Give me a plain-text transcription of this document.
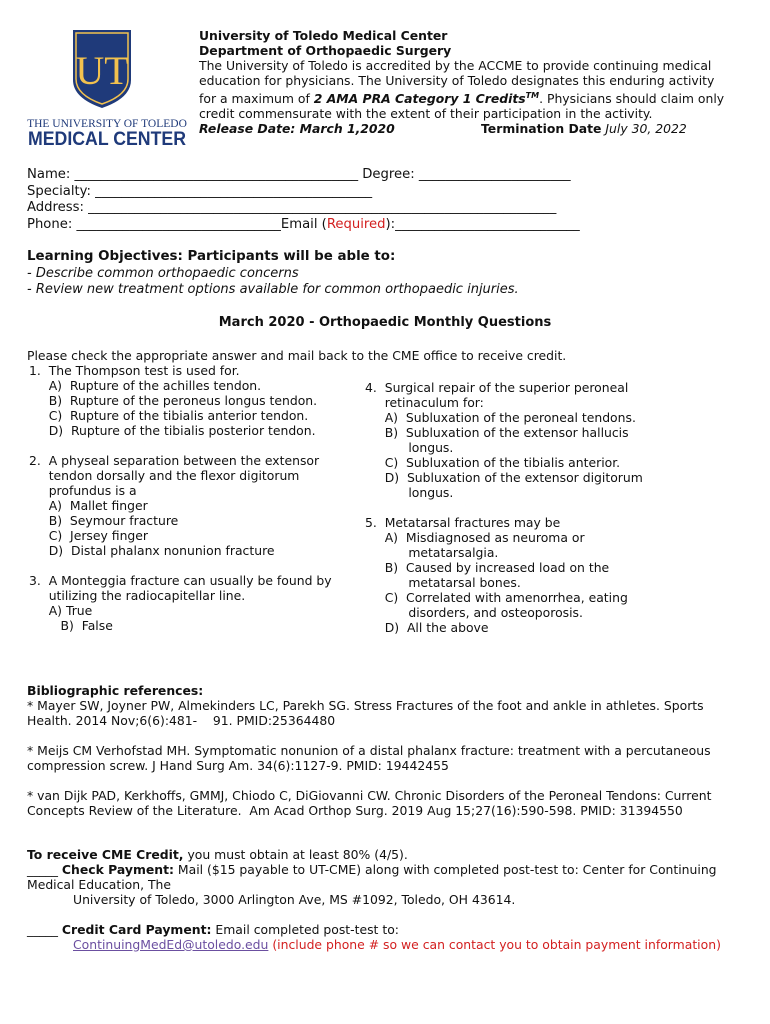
UT
THE UNIVERSITY OF TOLEDO
MEDICAL CENTER
University of Toledo Medical Center
Department of Orthopaedic Surgery
The University of Toledo is accredited by the ACCME to provide continuing medical
education for physicians. The University of Toledo designates this enduring activity
for a maximum of 2 AMA PRA Category 1 Credits™. Physicians should claim only
credit commensurate with the extent of their participation in the activity.
Release Date: March 1,2020	Termination Date July 30, 2022
Name: ___________________________________________ Degree: _______________________
Specialty: __________________________________________
Address: _______________________________________________________________________
Phone: _______________________________Email (Required):____________________________
Learning Objectives: Participants will be able to:
- Describe common orthopaedic concerns
- Review new treatment options available for common orthopaedic injuries.
March 2020 - Orthopaedic Monthly Questions
Please check the appropriate answer and mail back to the CME office to receive credit.
1.  The Thompson test is used for.
A)  Rupture of the achilles tendon.
B)  Rupture of the peroneus longus tendon.
C)  Rupture of the tibialis anterior tendon.
D)  Rupture of the tibialis posterior tendon.
2.  A physeal separation between the extensor
tendon dorsally and the flexor digitorum
profundus is a
A)  Mallet finger
B)  Seymour fracture
C)  Jersey finger
D)  Distal phalanx nonunion fracture
3.  A Monteggia fracture can usually be found by
utilizing the radiocapitellar line.
A) True
B)  False
4.  Surgical repair of the superior peroneal
retinaculum for:
A)  Subluxation of the peroneal tendons.
B)  Subluxation of the extensor hallucis
longus.
C)  Subluxation of the tibialis anterior.
D)  Subluxation of the extensor digitorum
longus.
5.  Metatarsal fractures may be
A)  Misdiagnosed as neuroma or
metatarsalgia.
B)  Caused by increased load on the
metatarsal bones.
C)  Correlated with amenorrhea, eating
disorders, and osteoporosis.
D)  All the above
Bibliographic references:
* Mayer SW, Joyner PW, Almekinders LC, Parekh SG. Stress Fractures of the foot and ankle in athletes. Sports
Health. 2014 Nov;6(6):481-    91. PMID:25364480
* Meijs CM Verhofstad MH. Symptomatic nonunion of a distal phalanx fracture: treatment with a percutaneous
compression screw. J Hand Surg Am. 34(6):1127-9. PMID: 19442455
* van Dijk PAD, Kerkhoffs, GMMJ, Chiodo C, DiGiovanni CW. Chronic Disorders of the Peroneal Tendons: Current
Concepts Review of the Literature.  Am Acad Orthop Surg. 2019 Aug 15;27(16):590-598. PMID: 31394550
To receive CME Credit, you must obtain at least 80% (4/5).
_____ Check Payment: Mail ($15 payable to UT-CME) along with completed post-test to: Center for Continuing
Medical Education, The
University of Toledo, 3000 Arlington Ave, MS #1092, Toledo, OH 43614.
_____ Credit Card Payment: Email completed post-test to:
ContinuingMedEd@utoledo.edu (include phone # so we can contact you to obtain payment information)
